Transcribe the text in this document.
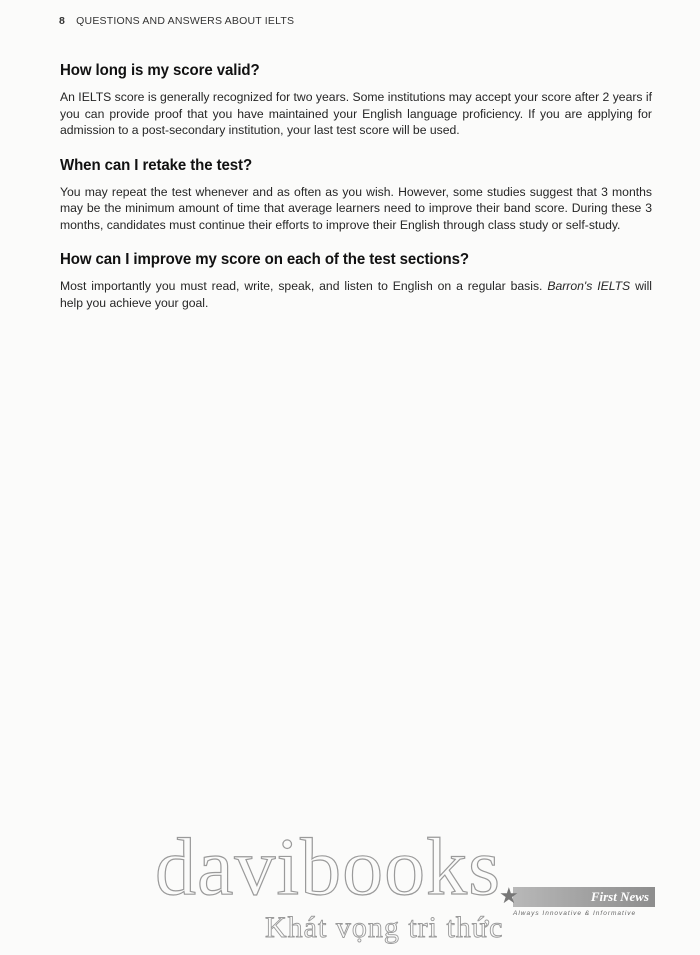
8 QUESTIONS AND ANSWERS ABOUT IELTS
How long is my score valid?

An IELTS score is generally recognized for two years. Some institutions may accept your score after 2 years if you can provide proof that you have maintained your English language proficiency. If you are applying for admission to a post-secondary institution, your last test score will be used.

When can I retake the test?

You may repeat the test whenever and as often as you wish. However, some studies suggest that 3 months may be the minimum amount of time that average learners need to improve their band score. During these 3 months, candidates must continue their efforts to improve their English through class study or self-study.

How can I improve my score on each of the test sections?

Most importantly you must read, write, speak, and listen to English on a regular basis. Barron's IELTS will help you achieve your goal.

davibooks
★	First News
Always Innovative & Informative
Khát vọng tri thức
